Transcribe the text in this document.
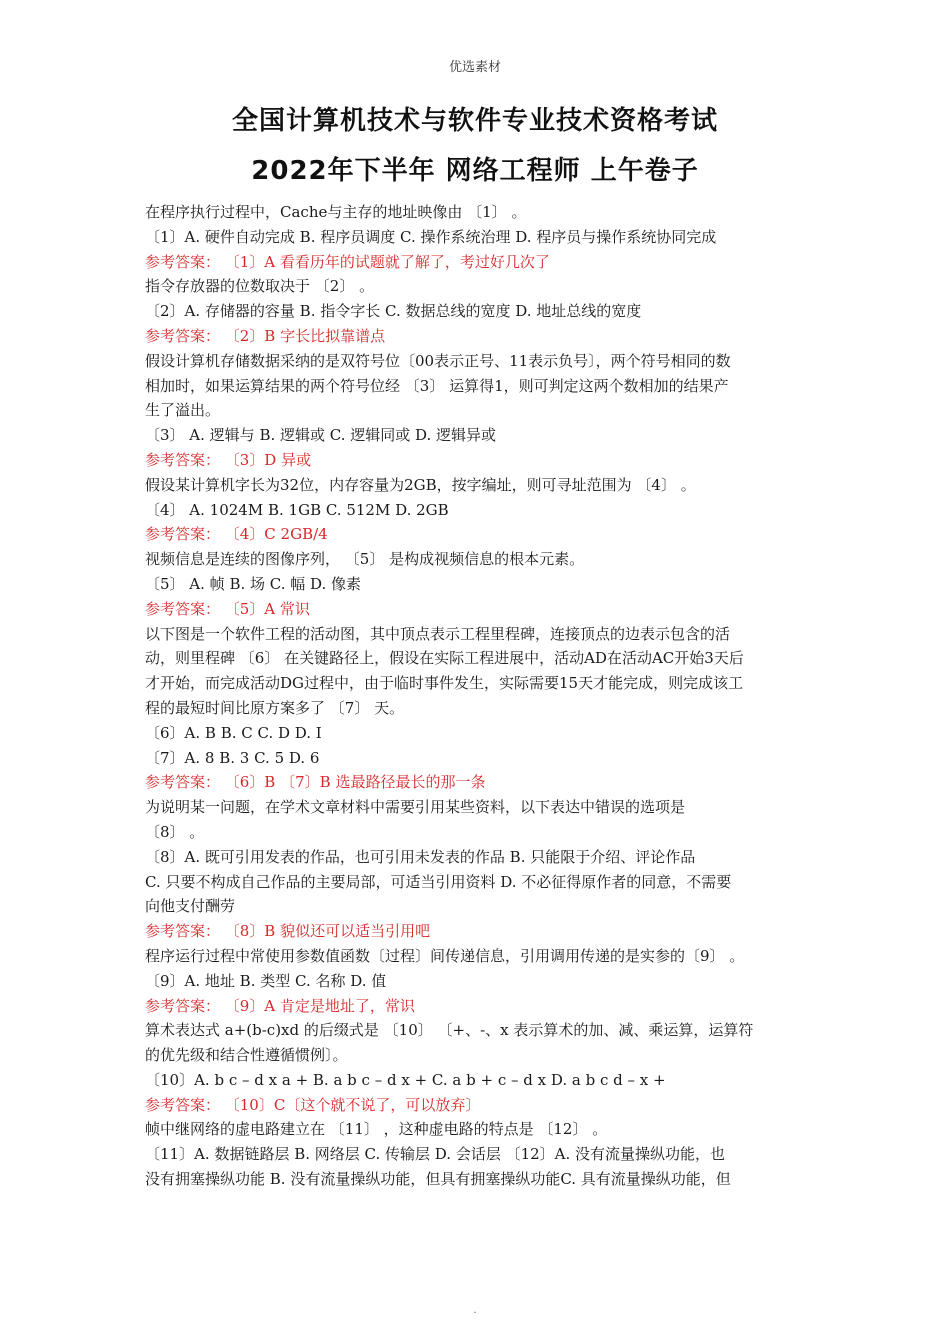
优选素材
全国计算机技术与软件专业技术资格考试
2022年下半年 网络工程师 上午卷子
在程序执行过程中，Cache与主存的地址映像由 〔1〕 。
〔1〕A. 硬件自动完成 B. 程序员调度 C. 操作系统治理 D. 程序员与操作系统协同完成
参考答案： 〔1〕A 看看历年的试题就了解了，考过好几次了
指令存放器的位数取决于 〔2〕 。
〔2〕A. 存储器的容量 B. 指令字长 C. 数据总线的宽度 D. 地址总线的宽度
参考答案： 〔2〕B 字长比拟靠谱点
假设计算机存储数据采纳的是双符号位〔00表示正号、11表示负号〕，两个符号相同的数
相加时，如果运算结果的两个符号位经 〔3〕 运算得1，则可判定这两个数相加的结果产
生了溢出。
〔3〕 A. 逻辑与 B. 逻辑或 C. 逻辑同或 D. 逻辑异或
参考答案： 〔3〕D 异或
假设某计算机字长为32位，内存容量为2GB，按字编址，则可寻址范围为 〔4〕 。
〔4〕 A. 1024M B. 1GB C. 512M D. 2GB
参考答案： 〔4〕C 2GB/4
视频信息是连续的图像序列， 〔5〕 是构成视频信息的根本元素。
〔5〕 A. 帧 B. 场 C. 幅 D. 像素
参考答案： 〔5〕A 常识
以下图是一个软件工程的活动图，其中顶点表示工程里程碑，连接顶点的边表示包含的活
动，则里程碑 〔6〕 在关键路径上，假设在实际工程进展中，活动AD在活动AC开始3天后
才开始，而完成活动DG过程中，由于临时事件发生，实际需要15天才能完成，则完成该工
程的最短时间比原方案多了 〔7〕 天。
〔6〕A. B B. C C. D D. I
〔7〕A. 8 B. 3 C. 5 D. 6
参考答案： 〔6〕B 〔7〕B 选最路径最长的那一条
为说明某一问题，在学术文章材料中需要引用某些资料，以下表达中错误的选项是
〔8〕 。
〔8〕A. 既可引用发表的作品，也可引用未发表的作品 B. 只能限于介绍、评论作品
C. 只要不构成自己作品的主要局部，可适当引用资料 D. 不必征得原作者的同意，不需要
向他支付酬劳
参考答案： 〔8〕B 貌似还可以适当引用吧
程序运行过程中常使用参数值函数〔过程〕间传递信息，引用调用传递的是实参的〔9〕 。
〔9〕A. 地址 B. 类型 C. 名称 D. 值
参考答案： 〔9〕A 肯定是地址了，常识
算术表达式 a+(b-c)xd 的后缀式是 〔10〕 〔+、-、x 表示算术的加、减、乘运算，运算符
的优先级和结合性遵循惯例〕。
〔10〕A. b c – d x a + B. a b c – d x + C. a b + c – d x D. a b c d – x +
参考答案： 〔10〕C〔这个就不说了，可以放弃〕
帧中继网络的虚电路建立在 〔11〕 ，这种虚电路的特点是 〔12〕 。
〔11〕A. 数据链路层 B. 网络层 C. 传输层 D. 会话层 〔12〕A. 没有流量操纵功能，也
没有拥塞操纵功能 B. 没有流量操纵功能，但具有拥塞操纵功能C. 具有流量操纵功能，但
.
